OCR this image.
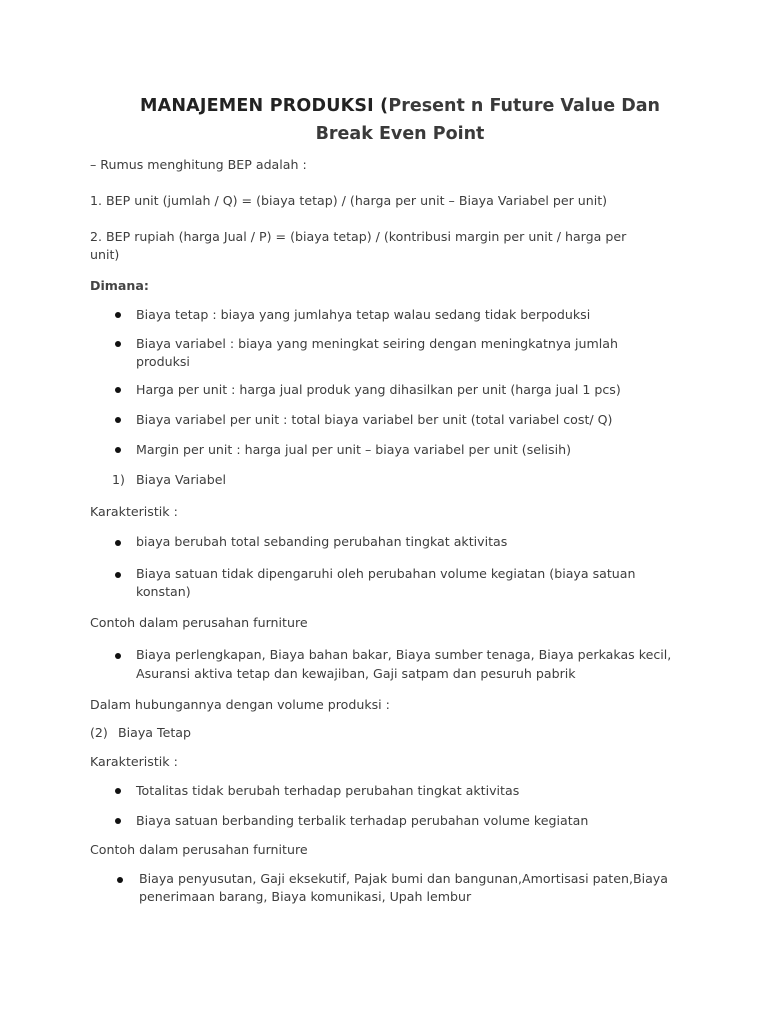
MANAJEMEN PRODUKSI (Present n Future Value Dan
Break Even Point
– Rumus menghitung BEP adalah :
1. BEP unit (jumlah / Q) = (biaya tetap) / (harga per unit – Biaya Variabel per unit)
2. BEP rupiah (harga Jual / P) = (biaya tetap) / (kontribusi margin per unit / harga per
unit)
Dimana:
Biaya tetap : biaya yang jumlahya tetap walau sedang tidak berpoduksi
Biaya variabel : biaya yang meningkat seiring dengan meningkatnya jumlah
produksi
Harga per unit : harga jual produk yang dihasilkan per unit (harga jual 1 pcs)
Biaya variabel per unit : total biaya variabel ber unit (total variabel cost/ Q)
Margin per unit : harga jual per unit – biaya variabel per unit (selisih)
1) Biaya Variabel
Karakteristik :
biaya berubah total sebanding perubahan tingkat aktivitas
Biaya satuan tidak dipengaruhi oleh perubahan volume kegiatan (biaya satuan
konstan)
Contoh dalam perusahan furniture
Biaya perlengkapan, Biaya bahan bakar, Biaya sumber tenaga, Biaya perkakas kecil,
Asuransi aktiva tetap dan kewajiban, Gaji satpam dan pesuruh pabrik
Dalam hubungannya dengan volume produksi :
(2) Biaya Tetap
Karakteristik :
Totalitas tidak berubah terhadap perubahan tingkat aktivitas
Biaya satuan berbanding terbalik terhadap perubahan volume kegiatan
Contoh dalam perusahan furniture
Biaya penyusutan, Gaji eksekutif, Pajak bumi dan bangunan,Amortisasi paten,Biaya
penerimaan barang, Biaya komunikasi, Upah lembur
